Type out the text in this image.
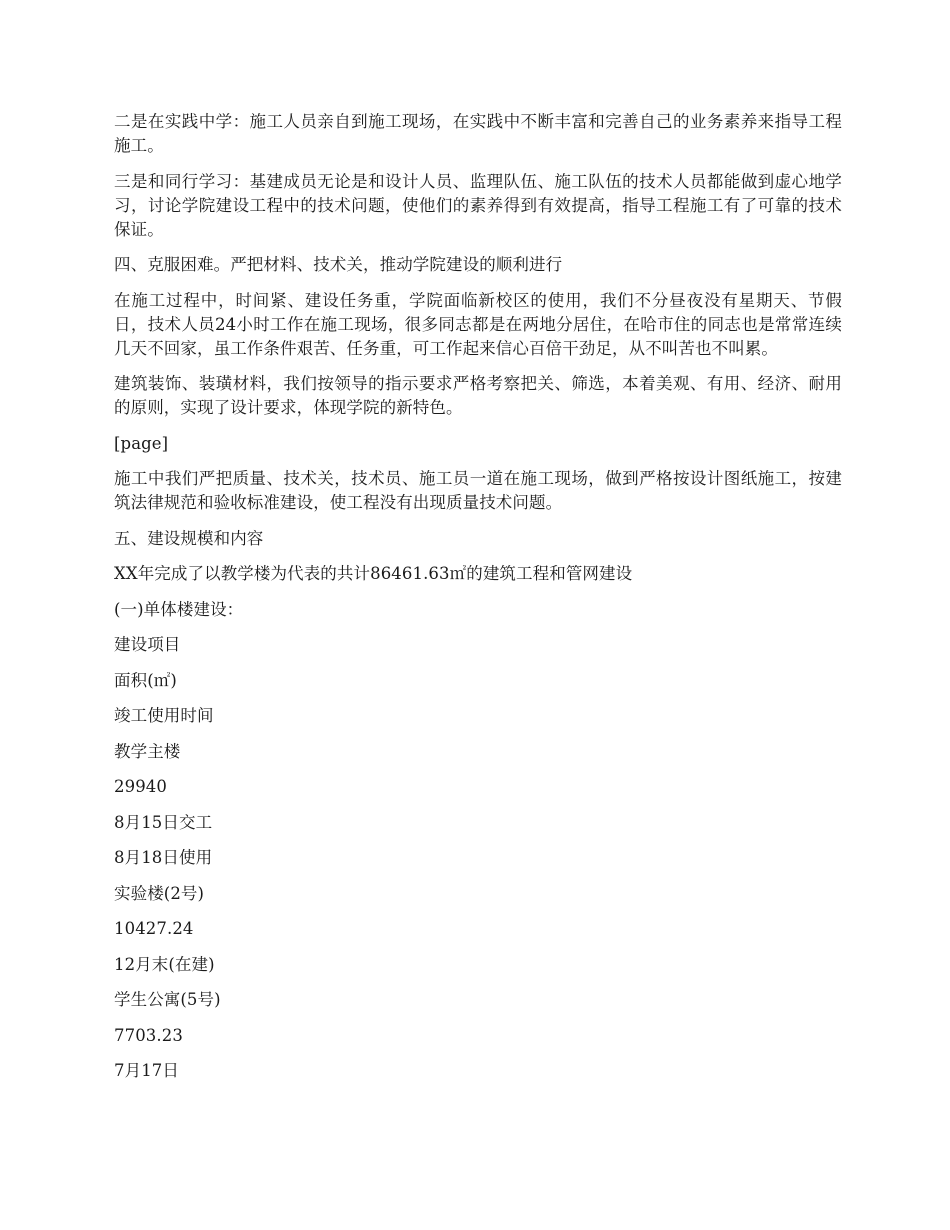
二是在实践中学：施工人员亲自到施工现场，在实践中不断丰富和完善自己的业务素养来指导工程施工。

三是和同行学习：基建成员无论是和设计人员、监理队伍、施工队伍的技术人员都能做到虚心地学习，讨论学院建设工程中的技术问题，使他们的素养得到有效提高，指导工程施工有了可靠的技术保证。

四、克服困难。严把材料、技术关，推动学院建设的顺利进行

在施工过程中，时间紧、建设任务重，学院面临新校区的使用，我们不分昼夜没有星期天、节假日，技术人员24小时工作在施工现场，很多同志都是在两地分居住，在哈市住的同志也是常常连续几天不回家，虽工作条件艰苦、任务重，可工作起来信心百倍干劲足，从不叫苦也不叫累。

建筑装饰、装璜材料，我们按领导的指示要求严格考察把关、筛选，本着美观、有用、经济、耐用的原则，实现了设计要求，体现学院的新特色。

[page]

施工中我们严把质量、技术关，技术员、施工员一道在施工现场，做到严格按设计图纸施工，按建筑法律规范和验收标准建设，使工程没有出现质量技术问题。

五、建设规模和内容

XX年完成了以教学楼为代表的共计86461.63㎡的建筑工程和管网建设

(一)单体楼建设：

建设项目

面积(㎡)

竣工使用时间

教学主楼

29940

8月15日交工

8月18日使用

实验楼(2号)

10427.24

12月末(在建)

学生公寓(5号)

7703.23

7月17日
